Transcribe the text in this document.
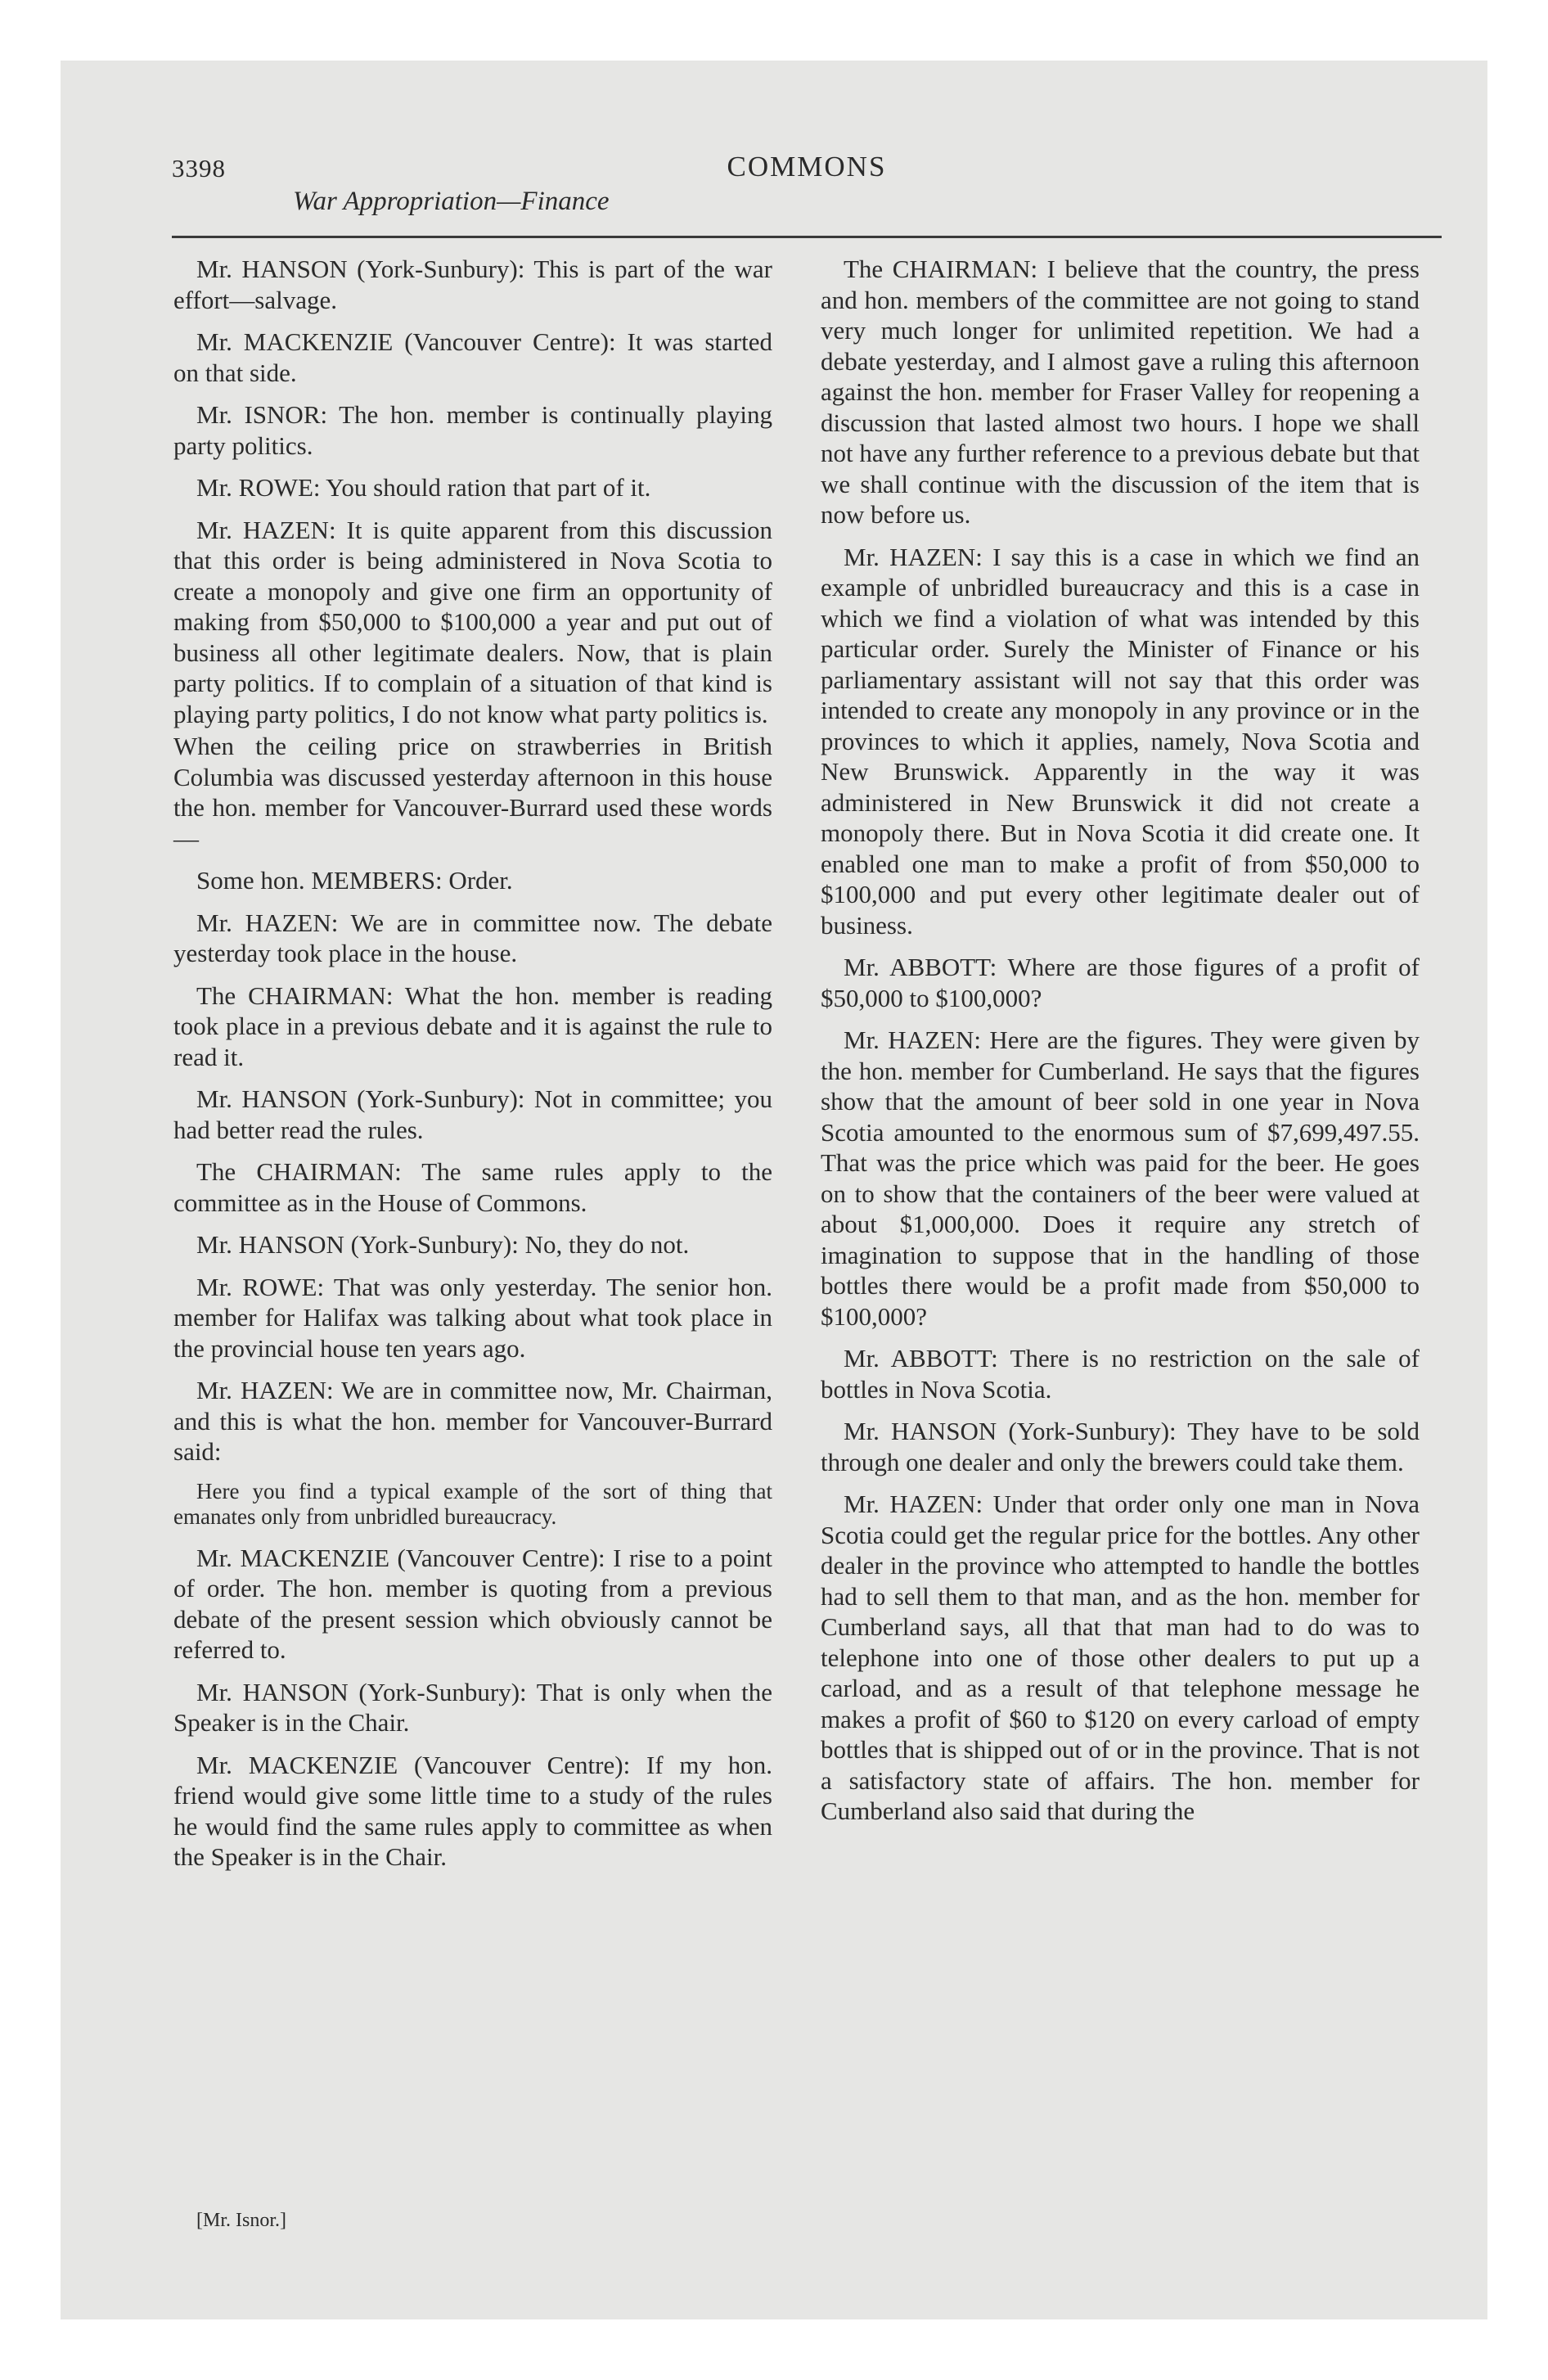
3398	COMMONS
War Appropriation—Finance

Mr. HANSON (York-Sunbury): This is part of the war effort—salvage.

Mr. MACKENZIE (Vancouver Centre): It was started on that side.

Mr. ISNOR: The hon. member is continually playing party politics.

Mr. ROWE: You should ration that part of it.

Mr. HAZEN: It is quite apparent from this discussion that this order is being administered in Nova Scotia to create a monopoly and give one firm an opportunity of making from $50,000 to $100,000 a year and put out of business all other legitimate dealers. Now, that is plain party politics. If to complain of a situation of that kind is playing party politics, I do not know what party politics is.

When the ceiling price on strawberries in British Columbia was discussed yesterday afternoon in this house the hon. member for Vancouver-Burrard used these words—

Some hon. MEMBERS: Order.

Mr. HAZEN: We are in committee now. The debate yesterday took place in the house.

The CHAIRMAN: What the hon. member is reading took place in a previous debate and it is against the rule to read it.

Mr. HANSON (York-Sunbury): Not in committee; you had better read the rules.

The CHAIRMAN: The same rules apply to the committee as in the House of Commons.

Mr. HANSON (York-Sunbury): No, they do not.

Mr. ROWE: That was only yesterday. The senior hon. member for Halifax was talking about what took place in the provincial house ten years ago.

Mr. HAZEN: We are in committee now, Mr. Chairman, and this is what the hon. member for Vancouver-Burrard said:

Here you find a typical example of the sort of thing that emanates only from unbridled bureaucracy.

Mr. MACKENZIE (Vancouver Centre): I rise to a point of order. The hon. member is quoting from a previous debate of the present session which obviously cannot be referred to.

Mr. HANSON (York-Sunbury): That is only when the Speaker is in the Chair.

Mr. MACKENZIE (Vancouver Centre): If my hon. friend would give some little time to a study of the rules he would find the same rules apply to committee as when the Speaker is in the Chair.

The CHAIRMAN: I believe that the country, the press and hon. members of the committee are not going to stand very much longer for unlimited repetition. We had a debate yesterday, and I almost gave a ruling this afternoon against the hon. member for Fraser Valley for reopening a discussion that lasted almost two hours. I hope we shall not have any further reference to a previous debate but that we shall continue with the discussion of the item that is now before us.

Mr. HAZEN: I say this is a case in which we find an example of unbridled bureaucracy and this is a case in which we find a violation of what was intended by this particular order. Surely the Minister of Finance or his parliamentary assistant will not say that this order was intended to create any monopoly in any province or in the provinces to which it applies, namely, Nova Scotia and New Brunswick. Apparently in the way it was administered in New Brunswick it did not create a monopoly there. But in Nova Scotia it did create one. It enabled one man to make a profit of from $50,000 to $100,000 and put every other legitimate dealer out of business.

Mr. ABBOTT: Where are those figures of a profit of $50,000 to $100,000?

Mr. HAZEN: Here are the figures. They were given by the hon. member for Cumberland. He says that the figures show that the amount of beer sold in one year in Nova Scotia amounted to the enormous sum of $7,699,497.55. That was the price which was paid for the beer. He goes on to show that the containers of the beer were valued at about $1,000,000. Does it require any stretch of imagination to suppose that in the handling of those bottles there would be a profit made from $50,000 to $100,000?

Mr. ABBOTT: There is no restriction on the sale of bottles in Nova Scotia.

Mr. HANSON (York-Sunbury): They have to be sold through one dealer and only the brewers could take them.

Mr. HAZEN: Under that order only one man in Nova Scotia could get the regular price for the bottles. Any other dealer in the province who attempted to handle the bottles had to sell them to that man, and as the hon. member for Cumberland says, all that that man had to do was to telephone into one of those other dealers to put up a carload, and as a result of that telephone message he makes a profit of $60 to $120 on every carload of empty bottles that is shipped out of or in the province. That is not a satisfactory state of affairs. The hon. member for Cumberland also said that during the

[Mr. Isnor.]
